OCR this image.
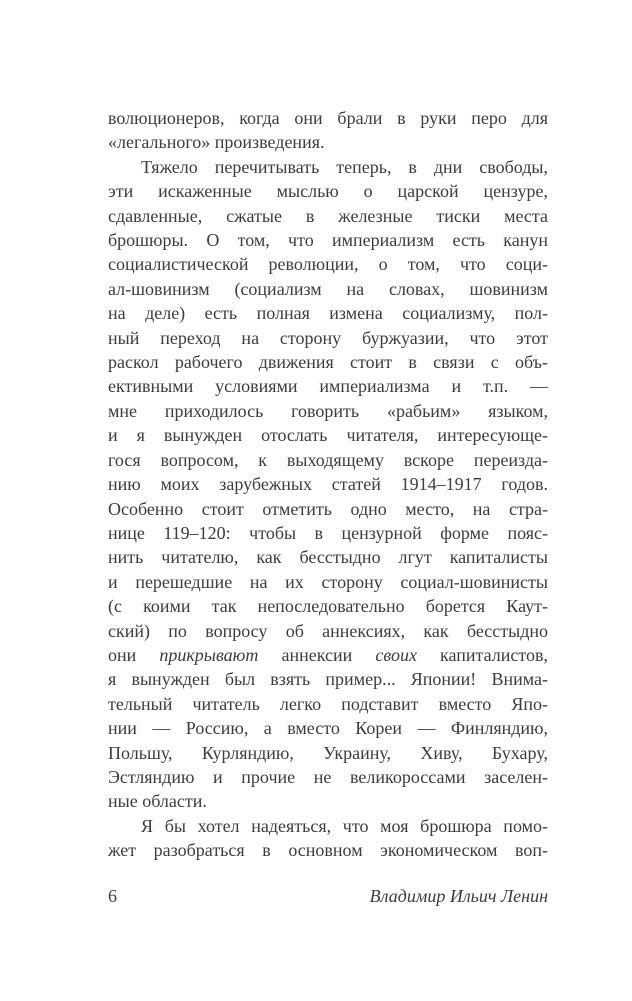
волюционеров, когда они брали в руки перо для
«легального» произведения.
Тяжело перечитывать теперь, в дни свободы,
эти искаженные мыслью о царской цензуре,
сдавленные, сжатые в железные тиски места
брошюры. О том, что империализм есть канун
социалистической революции, о том, что соци-
ал-шовинизм (социализм на словах, шовинизм
на деле) есть полная измена социализму, пол-
ный переход на сторону буржуазии, что этот
раскол рабочего движения стоит в связи с объ-
ективными условиями империализма и т.п. —
мне приходилось говорить «рабьим» языком,
и я вынужден отослать читателя, интересующе-
гося вопросом, к выходящему вскоре переизда-
нию моих зарубежных статей 1914–1917 годов.
Особенно стоит отметить одно место, на стра-
нице 119–120: чтобы в цензурной форме пояс-
нить читателю, как бесстыдно лгут капиталисты
и перешедшие на их сторону социал-шовинисты
(с коими так непоследовательно борется Каут-
ский) по вопросу об аннексиях, как бесстыдно
они прикрывают аннексии своих капиталистов,
я вынужден был взять пример... Японии! Внима-
тельный читатель легко подставит вместо Япо-
нии — Россию, а вместо Кореи — Финляндию,
Польшу, Курляндию, Украину, Хиву, Бухару,
Эстляндию и прочие не великороссами заселен-
ные области.
Я бы хотел надеяться, что моя брошюра помо-
жет разобраться в основном экономическом воп-
6	Владимир Ильич Ленин
